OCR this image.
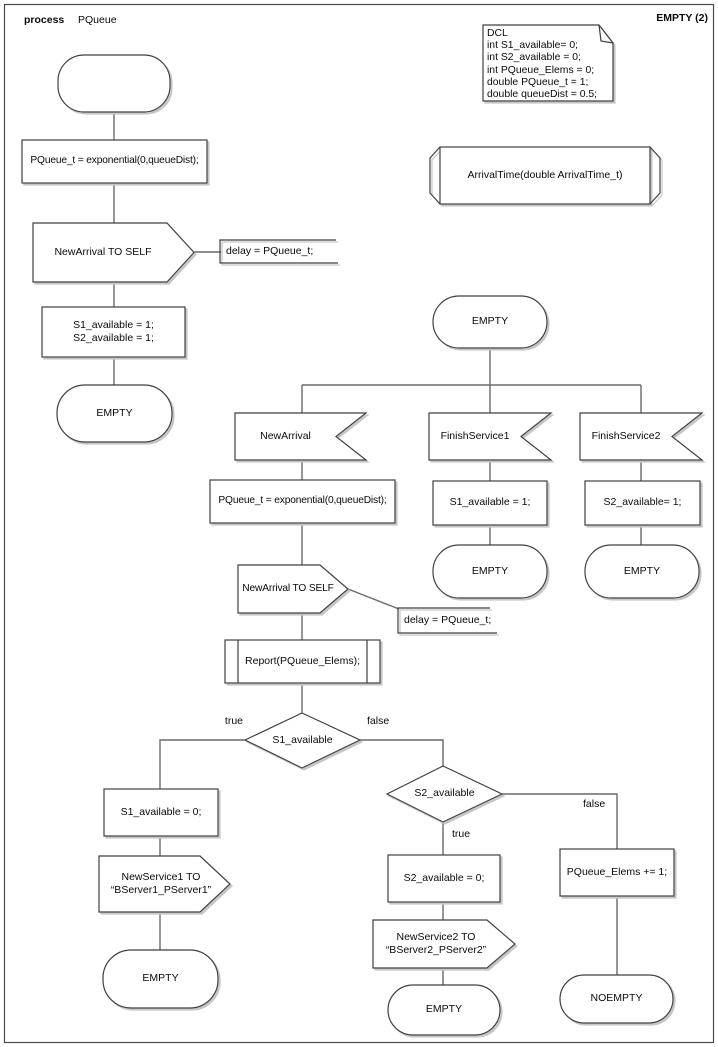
process	PQueue	EMPTY (2)
DCL
int S1_available= 0;
int S2_available = 0;
int PQueue_Elems = 0;
double PQueue_t = 1;
double queueDist = 0.5;
ArrivalTime(double ArrivalTime_t)
PQueue_t = exponential(0,queueDist);
NewArrival TO SELF	delay = PQueue_t;
S1_available = 1;
S2_available = 1;
EMPTY
EMPTY
NewArrival	FinishService1	FinishService2
PQueue_t = exponential(0,queueDist);
NewArrival TO SELF
delay = PQueue_t;
Report(PQueue_Elems);
S1_available
true	false
S1_available = 0;
NewService1 TO
“BServer1_PServer1”
EMPTY
S2_available
true
false
S2_available = 0;
NewService2 TO
“BServer2_PServer2”
EMPTY
PQueue_Elems += 1;
NOEMPTY
S1_available = 1;
EMPTY
S2_available= 1;
EMPTY
